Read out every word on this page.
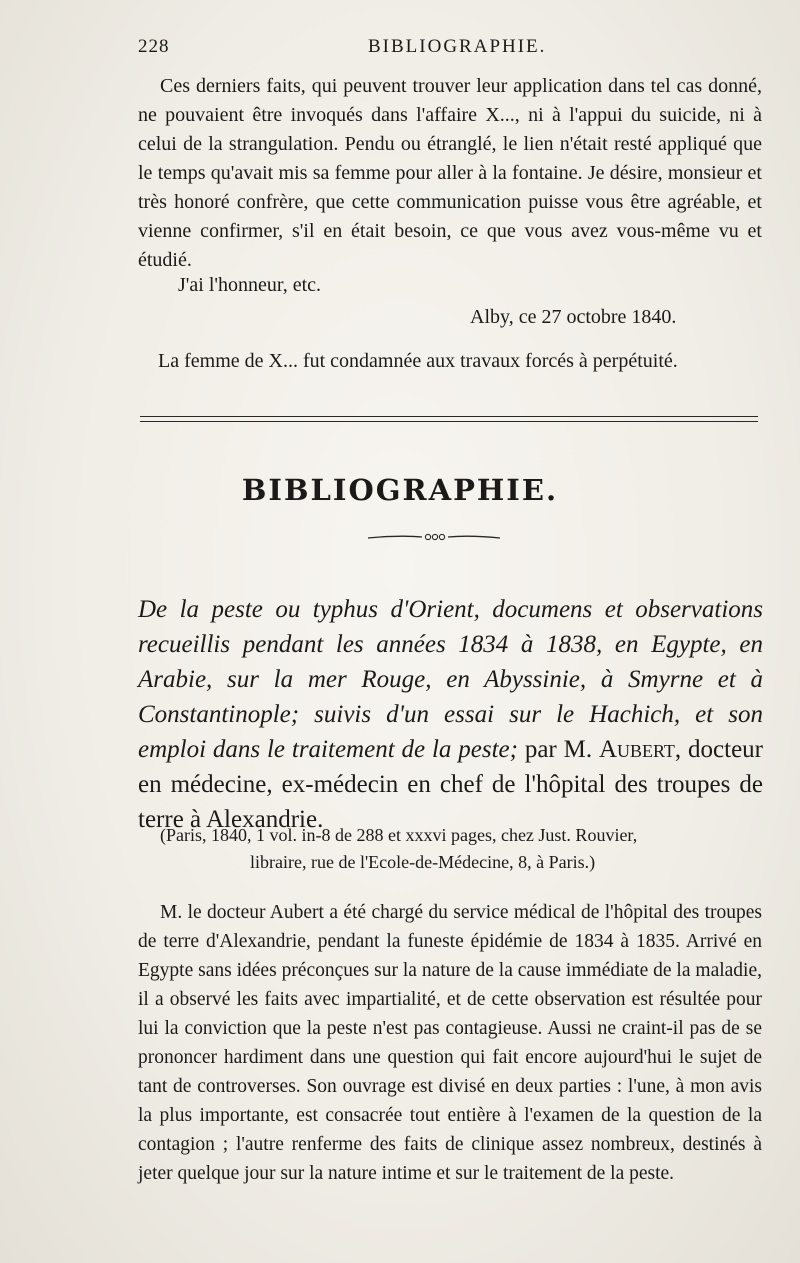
228	BIBLIOGRAPHIE.

Ces derniers faits, qui peuvent trouver leur application dans tel cas donné, ne pouvaient être invoqués dans l'affaire X..., ni à l'appui du suicide, ni à celui de la strangulation. Pendu ou étranglé, le lien n'était resté appliqué que le temps qu'avait mis sa femme pour aller à la fontaine. Je désire, monsieur et très honoré confrère, que cette communication puisse vous être agréable, et vienne confirmer, s'il en était besoin, ce que vous avez vous-même vu et étudié.

J'ai l'honneur, etc.
Alby, ce 27 octobre 1840.
La femme de X... fut condamnée aux travaux forcés à perpétuité.
BIBLIOGRAPHIE.
De la peste ou typhus d'Orient, documens et observations recueillis pendant les années 1834 à 1838, en Egypte, en Arabie, sur la mer Rouge, en Abyssinie, à Smyrne et à Constantinople; suivis d'un essai sur le Hachich, et son emploi dans le traitement de la peste; par M. Aubert, docteur en médecine, ex-médecin en chef de l'hôpital des troupes de terre à Alexandrie.
(Paris, 1840, 1 vol. in-8 de 288 et xxxvi pages, chez Just. Rouvier,
libraire, rue de l'Ecole-de-Médecine, 8, à Paris.)

M. le docteur Aubert a été chargé du service médical de l'hôpital des troupes de terre d'Alexandrie, pendant la funeste épidémie de 1834 à 1835. Arrivé en Egypte sans idées préconçues sur la nature de la cause immédiate de la maladie, il a observé les faits avec impartialité, et de cette observation est résultée pour lui la conviction que la peste n'est pas contagieuse. Aussi ne craint-il pas de se prononcer hardiment dans une question qui fait encore aujourd'hui le sujet de tant de controverses. Son ouvrage est divisé en deux parties : l'une, à mon avis la plus importante, est consacrée tout entière à l'examen de la question de la contagion ; l'autre renferme des faits de clinique assez nombreux, destinés à jeter quelque jour sur la nature intime et sur le traitement de la peste.
